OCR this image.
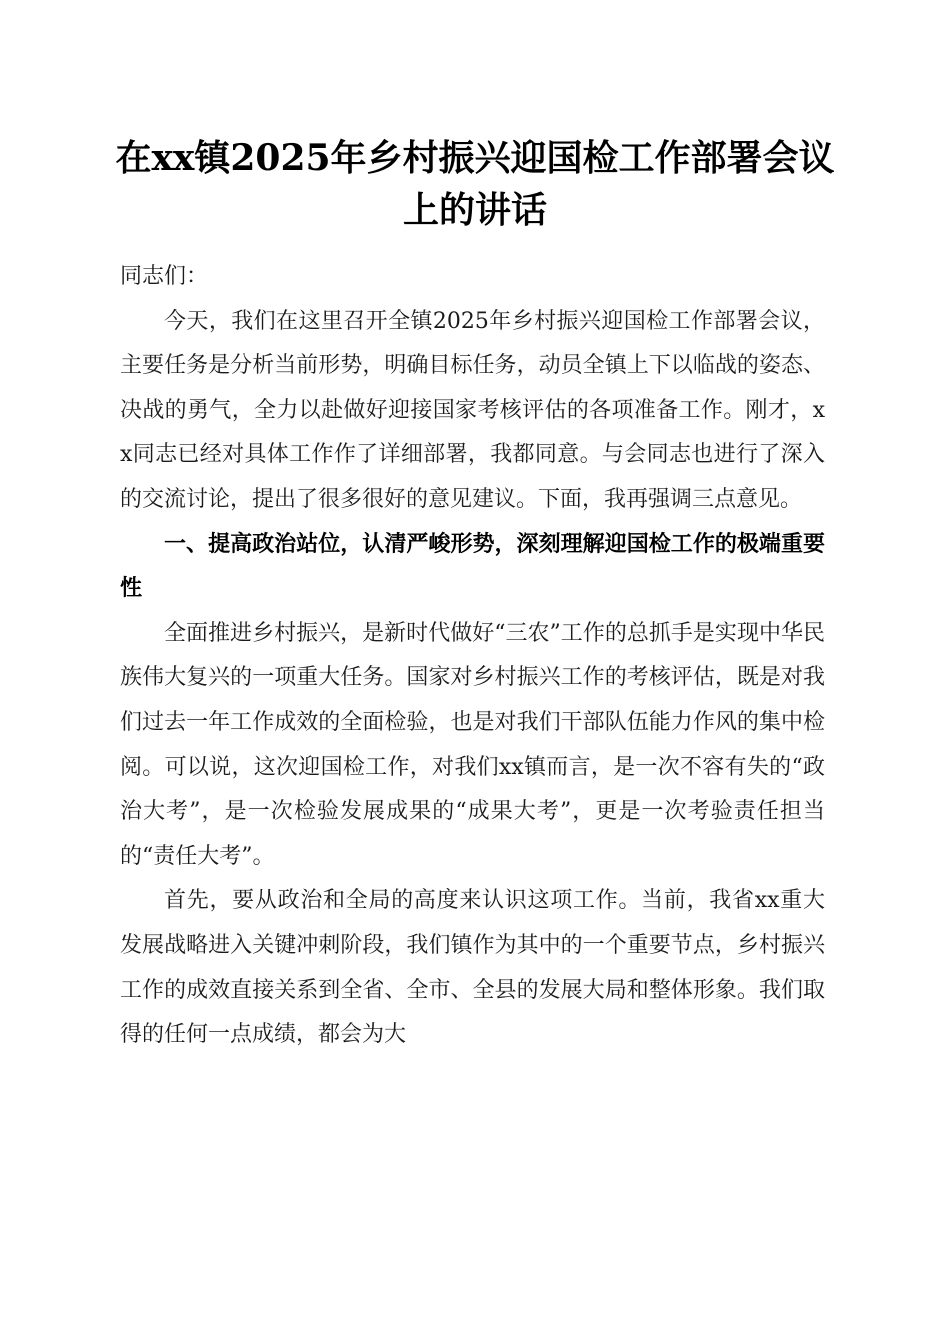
在xx镇2025年乡村振兴迎国检工作部署会议上的讲话

同志们：

今天，我们在这里召开全镇2025年乡村振兴迎国检工作部署会议，主要任务是分析当前形势，明确目标任务，动员全镇上下以临战的姿态、决战的勇气，全力以赴做好迎接国家考核评估的各项准备工作。刚才，xx同志已经对具体工作作了详细部署，我都同意。与会同志也进行了深入的交流讨论，提出了很多很好的意见建议。下面，我再强调三点意见。

一、提高政治站位，认清严峻形势，深刻理解迎国检工作的极端重要性

全面推进乡村振兴，是新时代做好“三农”工作的总抓手是实现中华民族伟大复兴的一项重大任务。国家对乡村振兴工作的考核评估，既是对我们过去一年工作成效的全面检验，也是对我们干部队伍能力作风的集中检阅。可以说，这次迎国检工作，对我们xx镇而言，是一次不容有失的“政治大考”，是一次检验发展成果的“成果大考”，更是一次考验责任担当的“责任大考”。

首先，要从政治和全局的高度来认识这项工作。当前，我省xx重大发展战略进入关键冲刺阶段，我们镇作为其中的一个重要节点，乡村振兴工作的成效直接关系到全省、全市、全县的发展大局和整体形象。我们取得的任何一点成绩，都会为大
